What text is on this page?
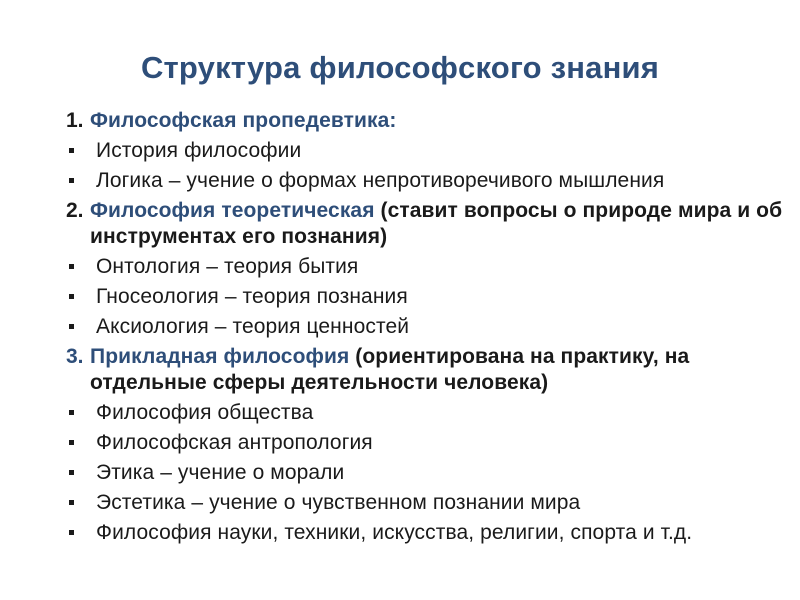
Структура философского знания
1. Философская пропедевтика:
История философии
Логика – учение о формах непротиворечивого мышления
2. Философия теоретическая (ставит вопросы о природе мира и об инструментах его познания)
Онтология – теория бытия
Гносеология – теория познания
Аксиология – теория ценностей
3. Прикладная философия (ориентирована на практику, на отдельные сферы деятельности человека)
Философия общества
Философская антропология
Этика – учение о морали
Эстетика – учение о чувственном познании мира
Философия науки, техники, искусства, религии, спорта и т.д.
